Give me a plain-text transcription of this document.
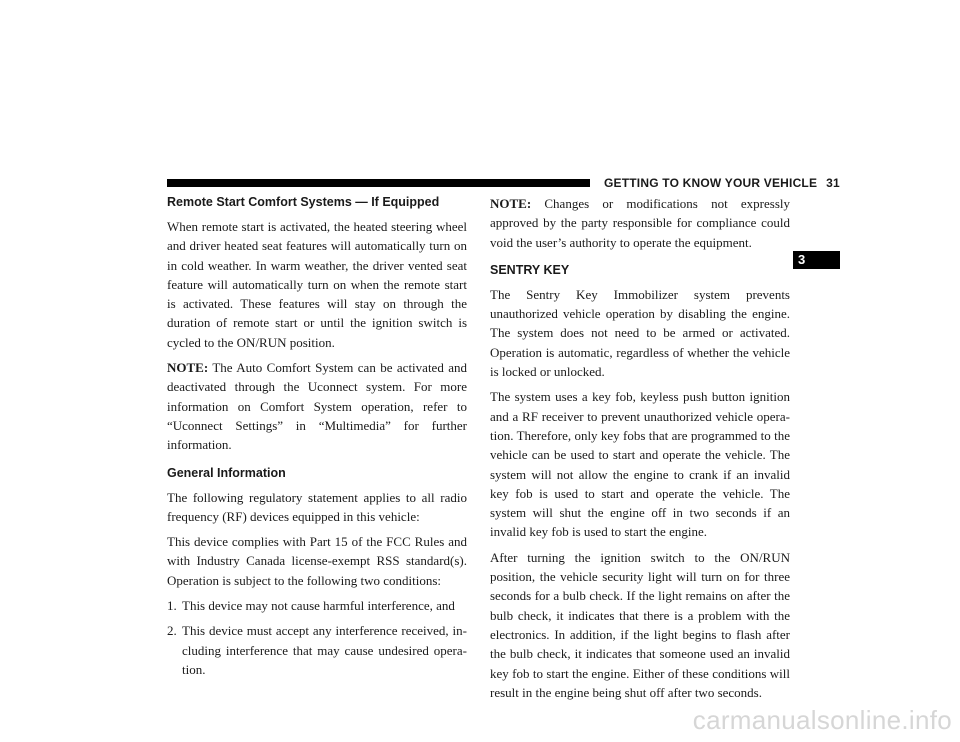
GETTING TO KNOW YOUR VEHICLE 31
3
Remote Start Comfort Systems — If Equipped

When remote start is activated, the heated steering wheel and driver heated seat features will automatically turn on in cold weather. In warm weather, the driver vented seat feature will automatically turn on when the remote start is activated. These features will stay on through the duration of remote start or until the ignition switch is cycled to the ON/RUN position.

NOTE: The Auto Comfort System can be activated and deactivated through the Uconnect system. For more information on Comfort System operation, refer to “Uconnect Settings” in “Multimedia” for further information.

General Information

The following regulatory statement applies to all radio frequency (RF) devices equipped in this vehicle:

This device complies with Part 15 of the FCC Rules and with Industry Canada license-exempt RSS standard(s). Operation is subject to the following two conditions:

1. This device may not cause harmful interference, and
2. This device must accept any interference received, including interference that may cause undesired operation.

NOTE: Changes or modifications not expressly approved by the party responsible for compliance could void the user’s authority to operate the equipment.

SENTRY KEY

The Sentry Key Immobilizer system prevents unauthorized vehicle operation by disabling the engine. The system does not need to be armed or activated. Operation is automatic, regardless of whether the vehicle is locked or unlocked.

The system uses a key fob, keyless push button ignition and a RF receiver to prevent unauthorized vehicle operation. Therefore, only key fobs that are programmed to the vehicle can be used to start and operate the vehicle. The system will not allow the engine to crank if an invalid key fob is used to start and operate the vehicle. The system will shut the engine off in two seconds if an invalid key fob is used to start the engine.

After turning the ignition switch to the ON/RUN position, the vehicle security light will turn on for three seconds for a bulb check. If the light remains on after the bulb check, it indicates that there is a problem with the electronics. In addition, if the light begins to flash after the bulb check, it indicates that someone used an invalid key fob to start the engine. Either of these conditions will result in the engine being shut off after two seconds.

carmanualsonline.info
